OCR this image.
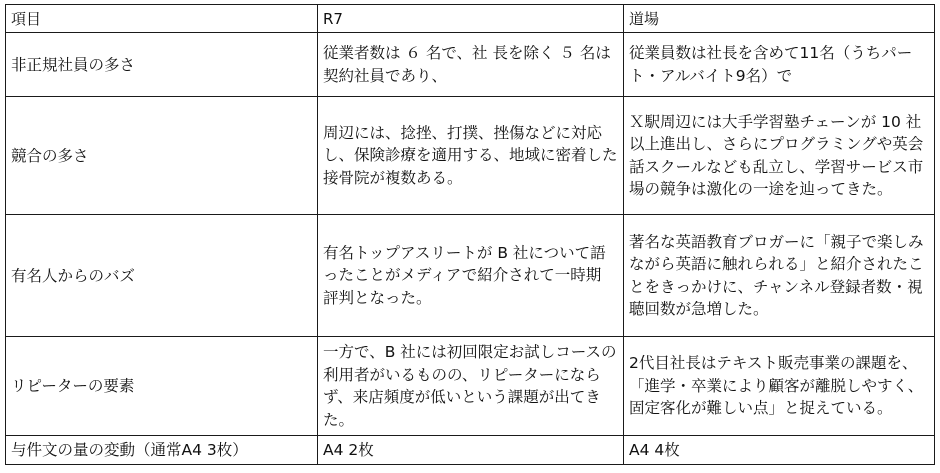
項目	R7	道場
非正規社員の多さ	従業者数は ６ 名で、社 長を除く ５ 名は契約社員であり、	従業員数は社長を含めて11名（うちパート・アルバイト9名）で
競合の多さ	周辺には、捻挫、打撲、挫傷などに対応し、保険診療を適用する、地域に密着した 接骨院が複数ある。	Ｘ駅周辺には大手学習塾チェーンが 10 社以上進出し、さらにプログラミングや英会話スクールなども乱立し、学習サービス市場の競争は激化の一途を辿ってきた。
有名人からのバズ	有名トップアスリートが B 社について語ったことがメディアで紹介されて一時期 評判となった。	著名な英語教育ブロガーに「親子で楽しみながら英語に触れられる」と紹介されたことをきっかけに、チャンネル登録者数・視聴回数が急増した。
リピーターの要素	一方で、B 社には初回限定お試しコースの利用者がいるものの、リピーターにならず、来店頻度が低いという課題が出てきた。	2代目社長はテキスト販売事業の課題を、「進学・卒業により顧客が離脱しやすく、固定客化が難しい点」と捉えている。
与件文の量の変動（通常A4 3枚）	A4 2枚	A4 4枚
